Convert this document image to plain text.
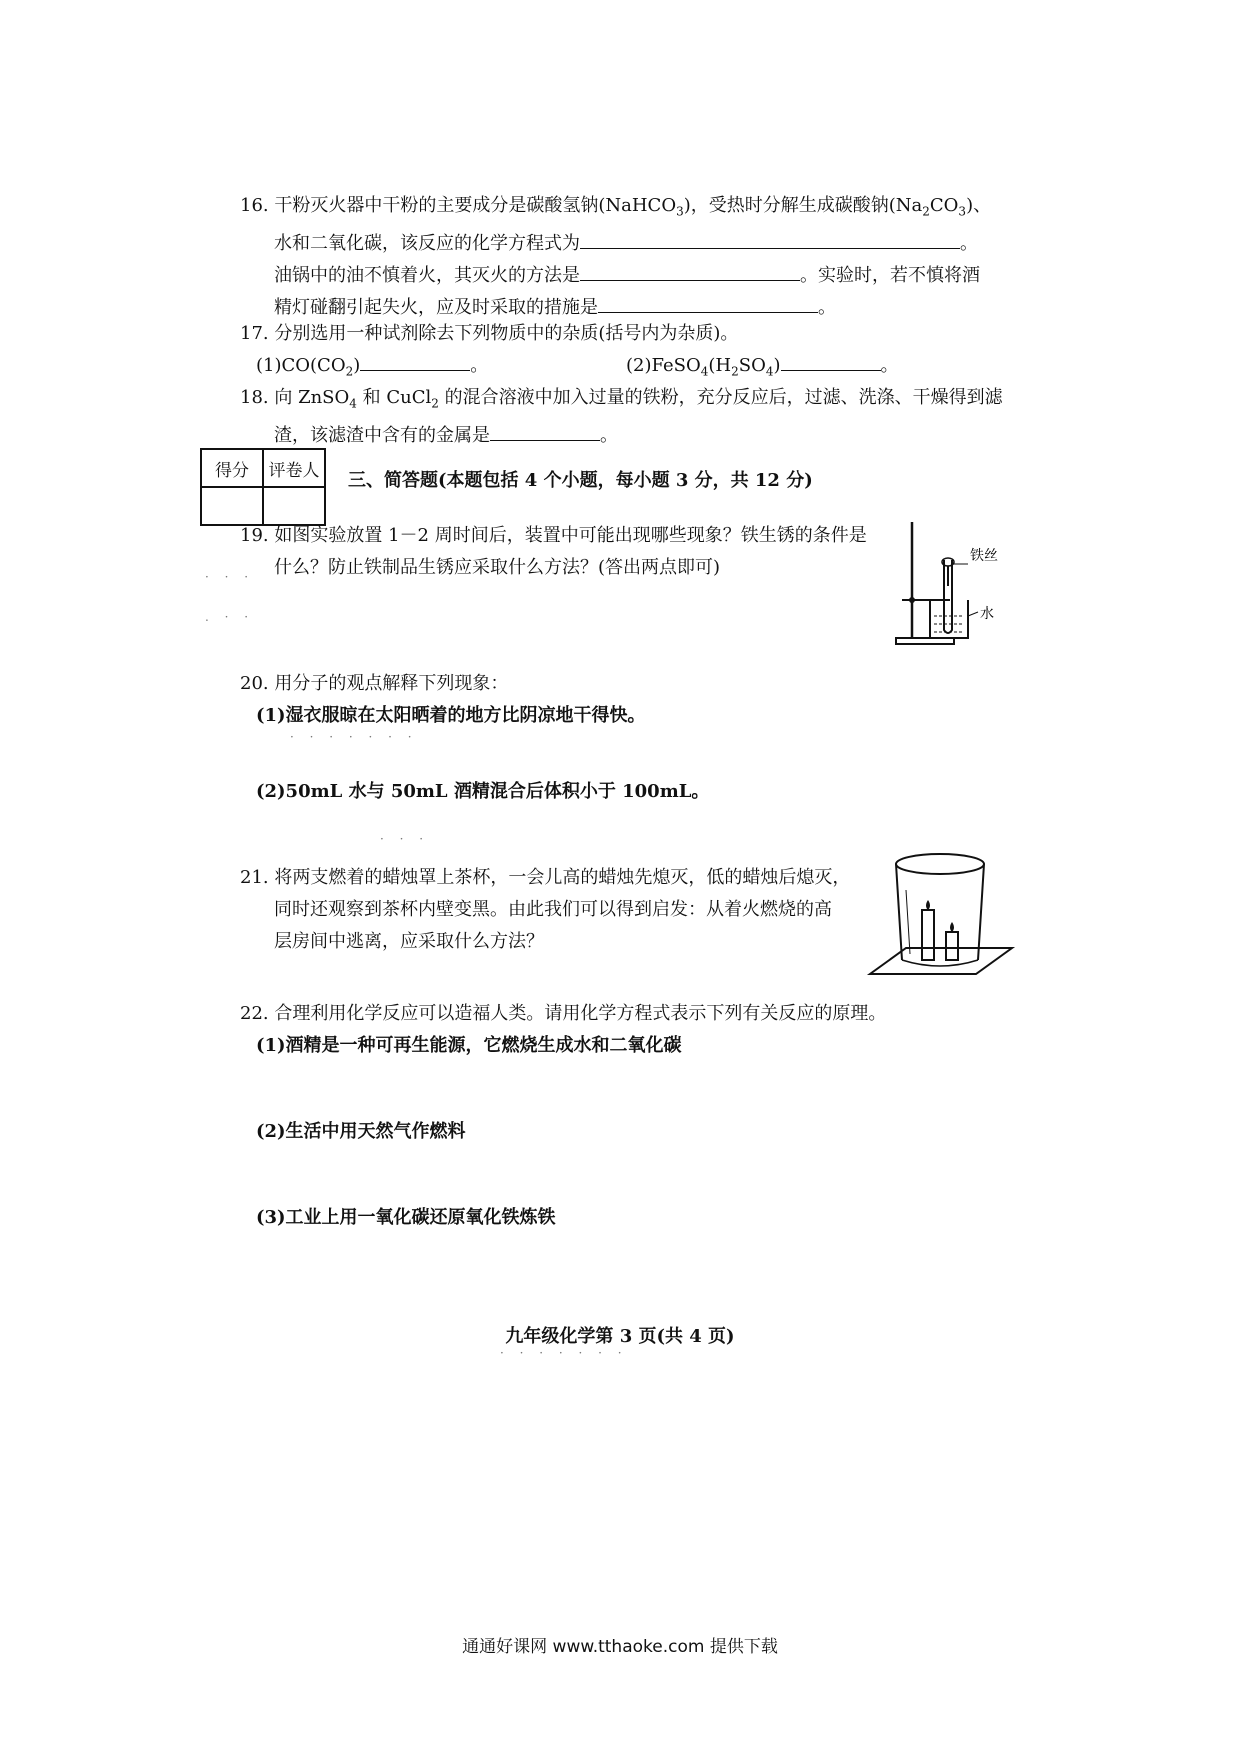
16. 干粉灭火器中干粉的主要成分是碳酸氢钠(NaHCO$_3$)，受热时分解生成碳酸钠$(Na_2CO_3)$、
水和二氧化碳，该反应的化学方程式为	。
油锅中的油不慎着火，其灭火的方法是	。实验时，若不慎将酒
精灯碰翻引起失火，应及时采取的措施是	。
17. 分别选用一种试剂除去下列物质中的杂质(括号内为杂质)。
$(1)CO(CO_2)$	。	$(2)FeSO_4(H_2SO_4)$	。
18. 向 ZnSO$_4$ 和 CuCl$_2$ 的混合溶液中加入过量的铁粉，充分反应后，过滤、洗涤、干燥得到滤
渣，该滤渣中含有的金属是	。
得分	评卷人
	三、简答题(本题包括 4 个小题，每小题 3 分，共 12 分)
19. 如图实验放置 1－2 周时间后，装置中可能出现哪些现象？铁生锈的条件是
什么？防止铁制品生锈应采取什么方法？(答出两点即可)
铁丝
水
20. 用分子的观点解释下列现象：
(1)湿衣服晾在太阳晒着的地方比阴凉地干得快。
(2)50mL 水与 50mL 酒精混合后体积小于 100mL。
21. 将两支燃着的蜡烛罩上茶杯，一会儿高的蜡烛先熄灭，低的蜡烛后熄灭，
同时还观察到茶杯内壁变黑。由此我们可以得到启发：从着火燃烧的高
层房间中逃离，应采取什么方法？
22. 合理利用化学反应可以造福人类。请用化学方程式表示下列有关反应的原理。
(1)酒精是一种可再生能源，它燃烧生成水和二氧化碳
(2)生活中用天然气作燃料
(3)工业上用一氧化碳还原氧化铁炼铁
九年级化学第 3 页(共 4 页)
通通好课网 www.tthaoke.com 提供下载
· · ·
. · ·
· · · · · · ·
· · ·
· · · · · · ·
